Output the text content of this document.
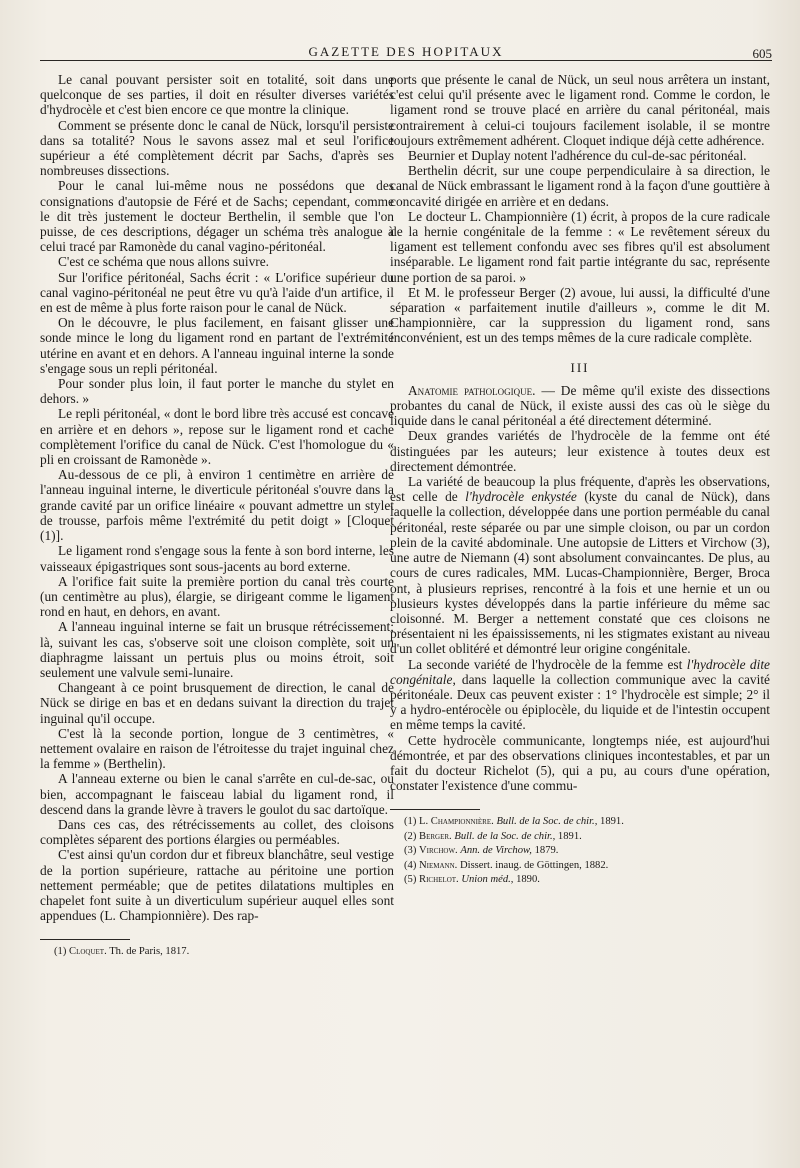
GAZETTE DES HOPITAUX	605

Le canal pouvant persister soit en totalité, soit dans une quelconque de ses parties, il doit en résulter diverses variétés d'hydrocèle et c'est bien encore ce que montre la clinique.

Comment se présente donc le canal de Nück, lorsqu'il persiste dans sa totalité? Nous le savons assez mal et seul l'orifice supérieur a été complètement décrit par Sachs, d'après ses nombreuses dissections.

Pour le canal lui-même nous ne possédons que des consignations d'autopsie de Féré et de Sachs; cependant, comme le dit très justement le docteur Berthelin, il semble que l'on puisse, de ces descriptions, dégager un schéma très analogue à celui tracé par Ramonède du canal vagino-péritonéal.

C'est ce schéma que nous allons suivre.

Sur l'orifice péritonéal, Sachs écrit : « L'orifice supérieur du canal vagino-péritonéal ne peut être vu qu'à l'aide d'un artifice, il en est de même à plus forte raison pour le canal de Nück.

On le découvre, le plus facilement, en faisant glisser une sonde mince le long du ligament rond en partant de l'extrémité utérine en avant et en dehors. A l'anneau inguinal interne la sonde s'engage sous un repli péritonéal.

Pour sonder plus loin, il faut porter le manche du stylet en dehors. »

Le repli péritonéal, « dont le bord libre très accusé est concave en arrière et en dehors », repose sur le ligament rond et cache complètement l'orifice du canal de Nück. C'est l'homologue du « pli en croissant de Ramonède ».

Au-dessous de ce pli, à environ 1 centimètre en arrière de l'anneau inguinal interne, le diverticule péritonéal s'ouvre dans la grande cavité par un orifice linéaire « pouvant admettre un stylet de trousse, parfois même l'extrémité du petit doigt » [Cloquet (1)].

Le ligament rond s'engage sous la fente à son bord interne, les vaisseaux épigastriques sont sous-jacents au bord externe.

A l'orifice fait suite la première portion du canal très courte (un centimètre au plus), élargie, se dirigeant comme le ligament rond en haut, en dehors, en avant.

A l'anneau inguinal interne se fait un brusque rétrécissement; là, suivant les cas, s'observe soit une cloison complète, soit un diaphragme laissant un pertuis plus ou moins étroit, soit seulement une valvule semi-lunaire.

Changeant à ce point brusquement de direction, le canal de Nück se dirige en bas et en dedans suivant la direction du trajet inguinal qu'il occupe.

C'est là la seconde portion, longue de 3 centimètres, « nettement ovalaire en raison de l'étroitesse du trajet inguinal chez la femme » (Berthelin).

A l'anneau externe ou bien le canal s'arrête en cul-de-sac, ou bien, accompagnant le faisceau labial du ligament rond, il descend dans la grande lèvre à travers le goulot du sac dartoïque.

Dans ces cas, des rétrécissements au collet, des cloisons complètes séparent des portions élargies ou perméables.

C'est ainsi qu'un cordon dur et fibreux blanchâtre, seul vestige de la portion supérieure, rattache au péritoine une portion nettement perméable; que de petites dilatations multiples en chapelet font suite à un diverticulum supérieur auquel elles sont appendues (L. Championnière). Des rap-

(1) Cloquet. Th. de Paris, 1817.

ports que présente le canal de Nück, un seul nous arrêtera un instant, c'est celui qu'il présente avec le ligament rond. Comme le cordon, le ligament rond se trouve placé en arrière du canal péritonéal, mais contrairement à celui-ci toujours facilement isolable, il se montre toujours extrêmement adhérent. Cloquet indique déjà cette adhérence.

Beurnier et Duplay notent l'adhérence du cul-de-sac péritonéal.

Berthelin décrit, sur une coupe perpendiculaire à sa direction, le canal de Nück embrassant le ligament rond à la façon d'une gouttière à concavité dirigée en arrière et en dedans.

Le docteur L. Championnière (1) écrit, à propos de la cure radicale de la hernie congénitale de la femme : « Le revêtement séreux du ligament est tellement confondu avec ses fibres qu'il est absolument inséparable. Le ligament rond fait partie intégrante du sac, représente une portion de sa paroi. »

Et M. le professeur Berger (2) avoue, lui aussi, la difficulté d'une séparation « parfaitement inutile d'ailleurs », comme le dit M. Championnière, car la suppression du ligament rond, sans inconvénient, est un des temps mêmes de la cure radicale complète.

III

Anatomie pathologique. — De même qu'il existe des dissections probantes du canal de Nück, il existe aussi des cas où le siège du liquide dans le canal péritonéal a été directement déterminé.

Deux grandes variétés de l'hydrocèle de la femme ont été distinguées par les auteurs; leur existence à toutes deux est directement démontrée.

La variété de beaucoup la plus fréquente, d'après les observations, est celle de l'hydrocèle enkystée (kyste du canal de Nück), dans laquelle la collection, développée dans une portion perméable du canal péritonéal, reste séparée ou par une simple cloison, ou par un cordon plein de la cavité abdominale. Une autopsie de Litters et Virchow (3), une autre de Niemann (4) sont absolument convaincantes. De plus, au cours de cures radicales, MM. Lucas-Championnière, Berger, Broca ont, à plusieurs reprises, rencontré à la fois et une hernie et un ou plusieurs kystes développés dans la partie inférieure du même sac cloisonné. M. Berger a nettement constaté que ces cloisons ne présentaient ni les épaississements, ni les stigmates existant au niveau d'un collet oblitéré et démontré leur origine congénitale.

La seconde variété de l'hydrocèle de la femme est l'hydrocèle dite congénitale, dans laquelle la collection communique avec la cavité péritonéale. Deux cas peuvent exister : 1° l'hydrocèle est simple; 2° il y a hydro-entérocèle ou épiplocèle, du liquide et de l'intestin occupent en même temps la cavité.

Cette hydrocèle communicante, longtemps niée, est aujourd'hui démontrée, et par des observations cliniques incontestables, et par un fait du docteur Richelot (5), qui a pu, au cours d'une opération, constater l'existence d'une commu-

(1) L. Championnière. Bull. de la Soc. de chir., 1891.
(2) Berger. Bull. de la Soc. de chir., 1891.
(3) Virchow. Ann. de Virchow, 1879.
(4) Niemann. Dissert. inaug. de Göttingen, 1882.
(5) Richelot. Union méd., 1890.
